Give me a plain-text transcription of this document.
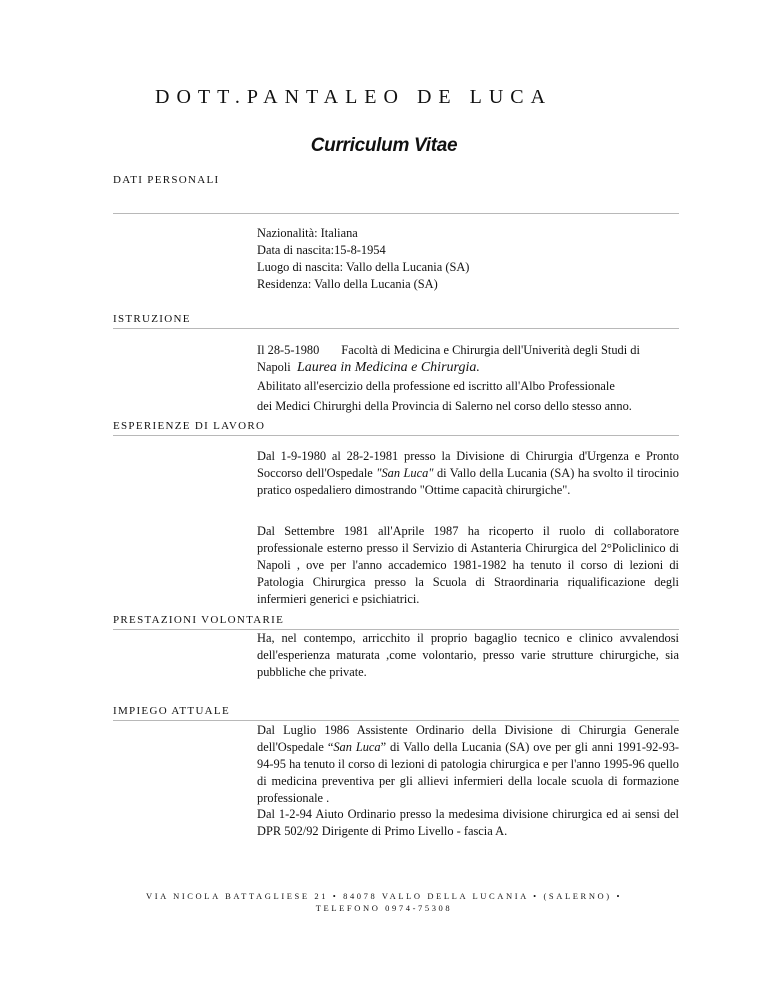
DOTT.PANTALEO DE LUCA
Curriculum Vitae
DATI PERSONALI

Nazionalità: Italiana

Data di nascita:15-8-1954

Luogo di nascita: Vallo della Lucania (SA)

Residenza: Vallo della Lucania (SA)

ISTRUZIONE

Il 28-5-1980 Facoltà di Medicina e Chirurgia dell'Univerità degli Studi di

Napoli Laurea in Medicina e Chirurgia.

Abilitato all'esercizio della professione ed iscritto all'Albo Professionale

dei Medici Chirurghi della Provincia di Salerno nel corso dello stesso anno.

ESPERIENZE DI LAVORO

Dal 1-9-1980 al 28-2-1981 presso la Divisione di Chirurgia d'Urgenza e Pronto Soccorso dell'Ospedale "San Luca" di Vallo della Lucania (SA) ha svolto il tirocinio pratico ospedaliero dimostrando "Ottime capacità chirurgiche".

Dal Settembre 1981 all'Aprile 1987 ha ricoperto il ruolo di collaboratore professionale esterno presso il Servizio di Astanteria Chirurgica del 2°Policlinico di Napoli , ove per l'anno accademico 1981-1982 ha tenuto il corso di lezioni di Patologia Chirurgica presso la Scuola di Straordinaria riqualificazione degli infermieri generici e psichiatrici.

PRESTAZIONI VOLONTARIE

Ha, nel contempo, arricchito il proprio bagaglio tecnico e clinico avvalendosi dell'esperienza maturata ,come volontario, presso varie strutture chirurgiche, sia pubbliche che private.

IMPIEGO ATTUALE

Dal Luglio 1986 Assistente Ordinario della Divisione di Chirurgia Generale dell'Ospedale “San Luca” di Vallo della Lucania (SA) ove per gli anni 1991-92-93-94-95 ha tenuto il corso di lezioni di patologia chirurgica e per l'anno 1995-96 quello di medicina preventiva per gli allievi infermieri della locale scuola di formazione professionale .

Dal 1-2-94 Aiuto Ordinario presso la medesima divisione chirurgica ed ai sensi del DPR 502/92 Dirigente di Primo Livello - fascia A.

VIA NICOLA BATTAGLIESE 21 • 84078 VALLO DELLA LUCANIA • (SALERNO) •
TELEFONO 0974-75308
